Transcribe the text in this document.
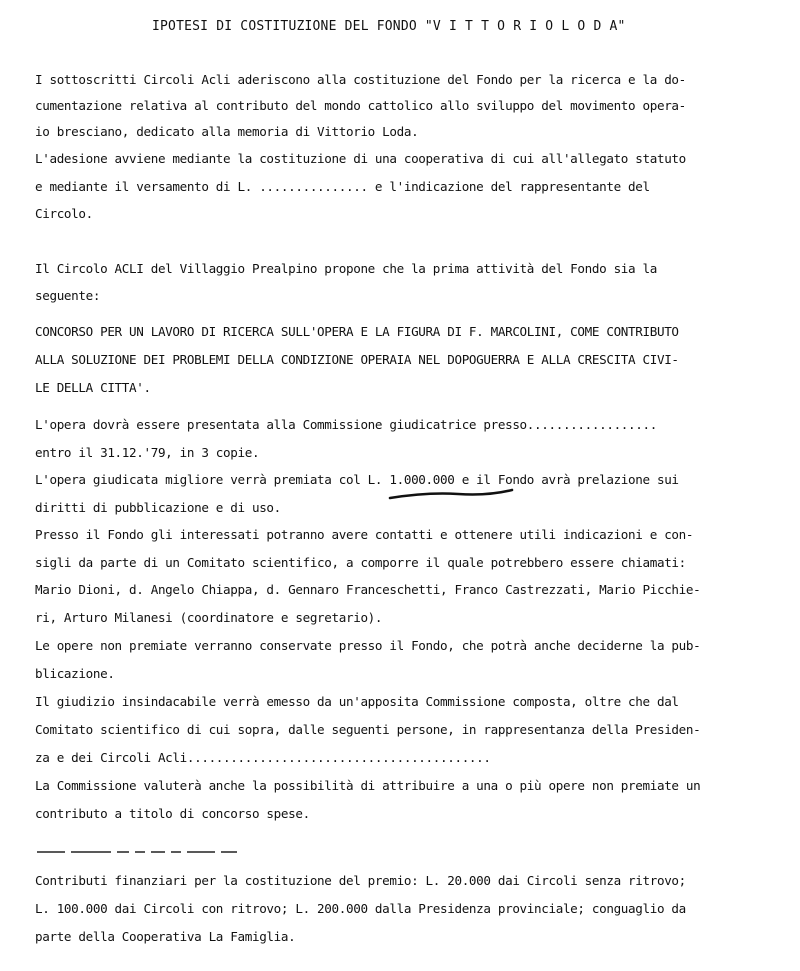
IPOTESI DI COSTITUZIONE DEL FONDO "V I T T O R I O L O D A"
I sottoscritti Circoli Acli aderiscono alla costituzione del Fondo per la ricerca e la do-
cumentazione relativa al contributo del mondo cattolico allo sviluppo del movimento opera-
io bresciano, dedicato alla memoria di Vittorio Loda.
L'adesione avviene mediante la costituzione di una cooperativa di cui all'allegato statuto
e mediante il versamento di L. ............... e l'indicazione del rappresentante del
Circolo.
Il Circolo ACLI del Villaggio Prealpino propone che la prima attività del Fondo sia la
seguente:
CONCORSO PER UN LAVORO DI RICERCA SULL'OPERA E LA FIGURA DI F. MARCOLINI, COME CONTRIBUTO
ALLA SOLUZIONE DEI PROBLEMI DELLA CONDIZIONE OPERAIA NEL DOPOGUERRA E ALLA CRESCITA CIVI-
LE DELLA CITTA'.
L'opera dovrà essere presentata alla Commissione giudicatrice presso..................
entro il 31.12.'79, in 3 copie.
L'opera giudicata migliore verrà premiata col L. 1.000.000 e il Fondo avrà prelazione sui
diritti di pubblicazione e di uso.
Presso il Fondo gli interessati potranno avere contatti e ottenere utili indicazioni e con-
sigli da parte di un Comitato scientifico, a comporre il quale potrebbero essere chiamati:
Mario Dioni, d. Angelo Chiappa, d. Gennaro Franceschetti, Franco Castrezzati, Mario Picchie-
ri, Arturo Milanesi (coordinatore e segretario).
Le opere non premiate verranno conservate presso il Fondo, che potrà anche deciderne la pub-
blicazione.
Il giudizio insindacabile verrà emesso da un'apposita Commissione composta, oltre che dal
Comitato scientifico di cui sopra, dalle seguenti persone, in rappresentanza della Presiden-
za e dei Circoli Acli..........................................
La Commissione valuterà anche la possibilità di attribuire a una o più opere non premiate un
contributo a titolo di concorso spese.
Contributi finanziari per la costituzione del premio: L. 20.000 dai Circoli senza ritrovo;
L. 100.000 dai Circoli con ritrovo; L. 200.000 dalla Presidenza provinciale; conguaglio da
parte della Cooperativa La Famiglia.
